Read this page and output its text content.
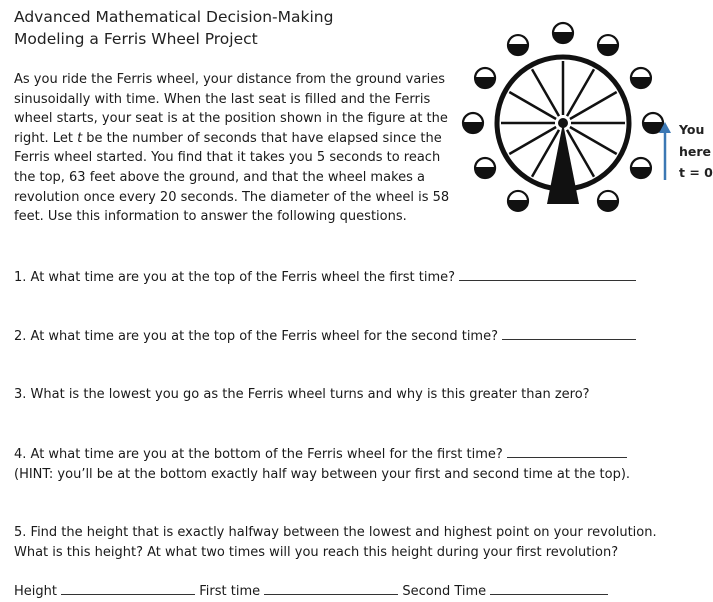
Advanced Mathematical Decision-Making
Modeling a Ferris Wheel Project
As you ride the Ferris wheel, your distance from the ground varies sinusoidally with time. When the last seat is filled and the Ferris wheel starts, your seat is at the position shown in the figure at the right. Let t be the number of seconds that have elapsed since the Ferris wheel started. You find that it takes you 5 seconds to reach the top, 63 feet above the ground, and that the wheel makes a revolution once every 20 seconds. The diameter of the wheel is 58 feet. Use this information to answer the following questions.
You
here
t = 0
1. At what time are you at the top of the Ferris wheel the first time?
2. At what time are you at the top of the Ferris wheel for the second time?
3. What is the lowest you go as the Ferris wheel turns and why is this greater than zero?
4. At what time are you at the bottom of the Ferris wheel for the first time?
(HINT: you’ll be at the bottom exactly half way between your first and second time at the top).
5. Find the height that is exactly halfway between the lowest and highest point on your revolution.
What is this height? At what two times will you reach this height during your first revolution?
Height	First time	Second Time
